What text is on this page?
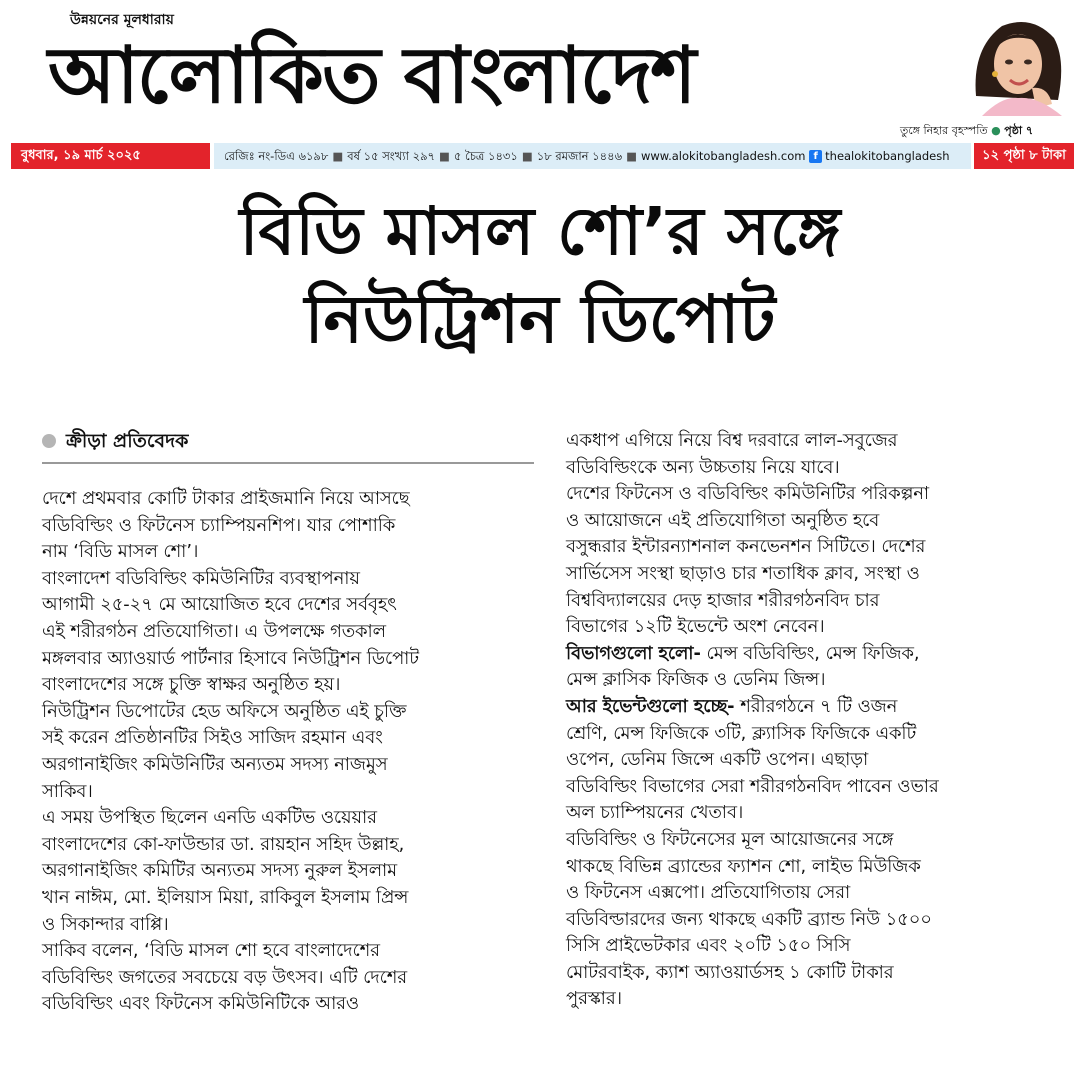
উন্নয়নের মূলধারায়
আলোকিত বাংলাদেশ
তুঙ্গে নিহার বৃহস্পতি ● পৃষ্ঠা ৭
বুধবার, ১৯ মার্চ ২০২৫	রেজিঃ নং-ডিএ ৬১৯৮ ■ বর্ষ ১৫ সংখ্যা ২৯৭ ■ ৫ চৈত্র ১৪৩১ ■ ১৮ রমজান ১৪৪৬ ■ www.alokitobangladesh.com f thealokitobangladesh	১২ পৃষ্ঠা ৮ টাকা
বিডি মাসল শো’র সঙ্গে
নিউট্রিশন ডিপোট
ক্রীড়া প্রতিবেদক
দেশে প্রথমবার কোটি টাকার প্রাইজমানি নিয়ে আসছে
বডিবিল্ডিং ও ফিটনেস চ্যাম্পিয়নশিপ। যার পোশাকি
নাম ‘বিডি মাসল শো’।
বাংলাদেশ বডিবিল্ডিং কমিউনিটির ব্যবস্থাপনায়
আগামী ২৫-২৭ মে আয়োজিত হবে দেশের সর্ববৃহৎ
এই শরীরগঠন প্রতিযোগিতা। এ উপলক্ষে গতকাল
মঙ্গলবার অ্যাওয়ার্ড পার্টনার হিসাবে নিউট্রিশন ডিপোট
বাংলাদেশের সঙ্গে চুক্তি স্বাক্ষর অনুষ্ঠিত হয়।
নিউট্রিশন ডিপোটের হেড অফিসে অনুষ্ঠিত এই চুক্তি
সই করেন প্রতিষ্ঠানটির সিইও সাজিদ রহমান এবং
অরগানাইজিং কমিউনিটির অন্যতম সদস্য নাজমুস
সাকিব।
এ সময় উপস্থিত ছিলেন এনডি একটিভ ওয়েয়ার
বাংলাদেশের কো-ফাউন্ডার ডা. রায়হান সহিদ উল্লাহ,
অরগানাইজিং কমিটির অন্যতম সদস্য নুরুল ইসলাম
খান নাঈম, মো. ইলিয়াস মিয়া, রাকিবুল ইসলাম প্রিন্স
ও সিকান্দার বাপ্পি।
সাকিব বলেন, ‘বিডি মাসল শো হবে বাংলাদেশের
বডিবিল্ডিং জগতের সবচেয়ে বড় উৎসব। এটি দেশের
বডিবিল্ডিং এবং ফিটনেস কমিউনিটিকে আরও
একধাপ এগিয়ে নিয়ে বিশ্ব দরবারে লাল-সবুজের
বডিবিল্ডিংকে অন্য উচ্চতায় নিয়ে যাবে।
দেশের ফিটনেস ও বডিবিল্ডিং কমিউনিটির পরিকল্পনা
ও আয়োজনে এই প্রতিযোগিতা অনুষ্ঠিত হবে
বসুন্ধরার ইন্টারন্যাশনাল কনভেনশন সিটিতে। দেশের
সার্ভিসেস সংস্থা ছাড়াও চার শতাধিক ক্লাব, সংস্থা ও
বিশ্ববিদ্যালয়ের দেড় হাজার শরীরগঠনবিদ চার
বিভাগের ১২টি ইভেন্টে অংশ নেবেন।
বিভাগগুলো হলো- মেন্স বডিবিল্ডিং, মেন্স ফিজিক,
মেন্স ক্লাসিক ফিজিক ও ডেনিম জিন্স।
আর ইভেন্টগুলো হচ্ছে- শরীরগঠনে ৭ টি ওজন
শ্রেণি, মেন্স ফিজিকে ৩টি, ক্ল্যাসিক ফিজিকে একটি
ওপেন, ডেনিম জিন্সে একটি ওপেন। এছাড়া
বডিবিল্ডিং বিভাগের সেরা শরীরগঠনবিদ পাবেন ওভার
অল চ্যাম্পিয়নের খেতাব।
বডিবিল্ডিং ও ফিটনেসের মূল আয়োজনের সঙ্গে
থাকছে বিভিন্ন ব্র্যান্ডের ফ্যাশন শো, লাইভ মিউজিক
ও ফিটনেস এক্সপো। প্রতিযোগিতায় সেরা
বডিবিল্ডারদের জন্য থাকছে একটি ব্র্যান্ড নিউ ১৫০০
সিসি প্রাইভেটকার এবং ২০টি ১৫০ সিসি
মোটরবাইক, ক্যাশ অ্যাওয়ার্ডসহ ১ কোটি টাকার
পুরস্কার।
